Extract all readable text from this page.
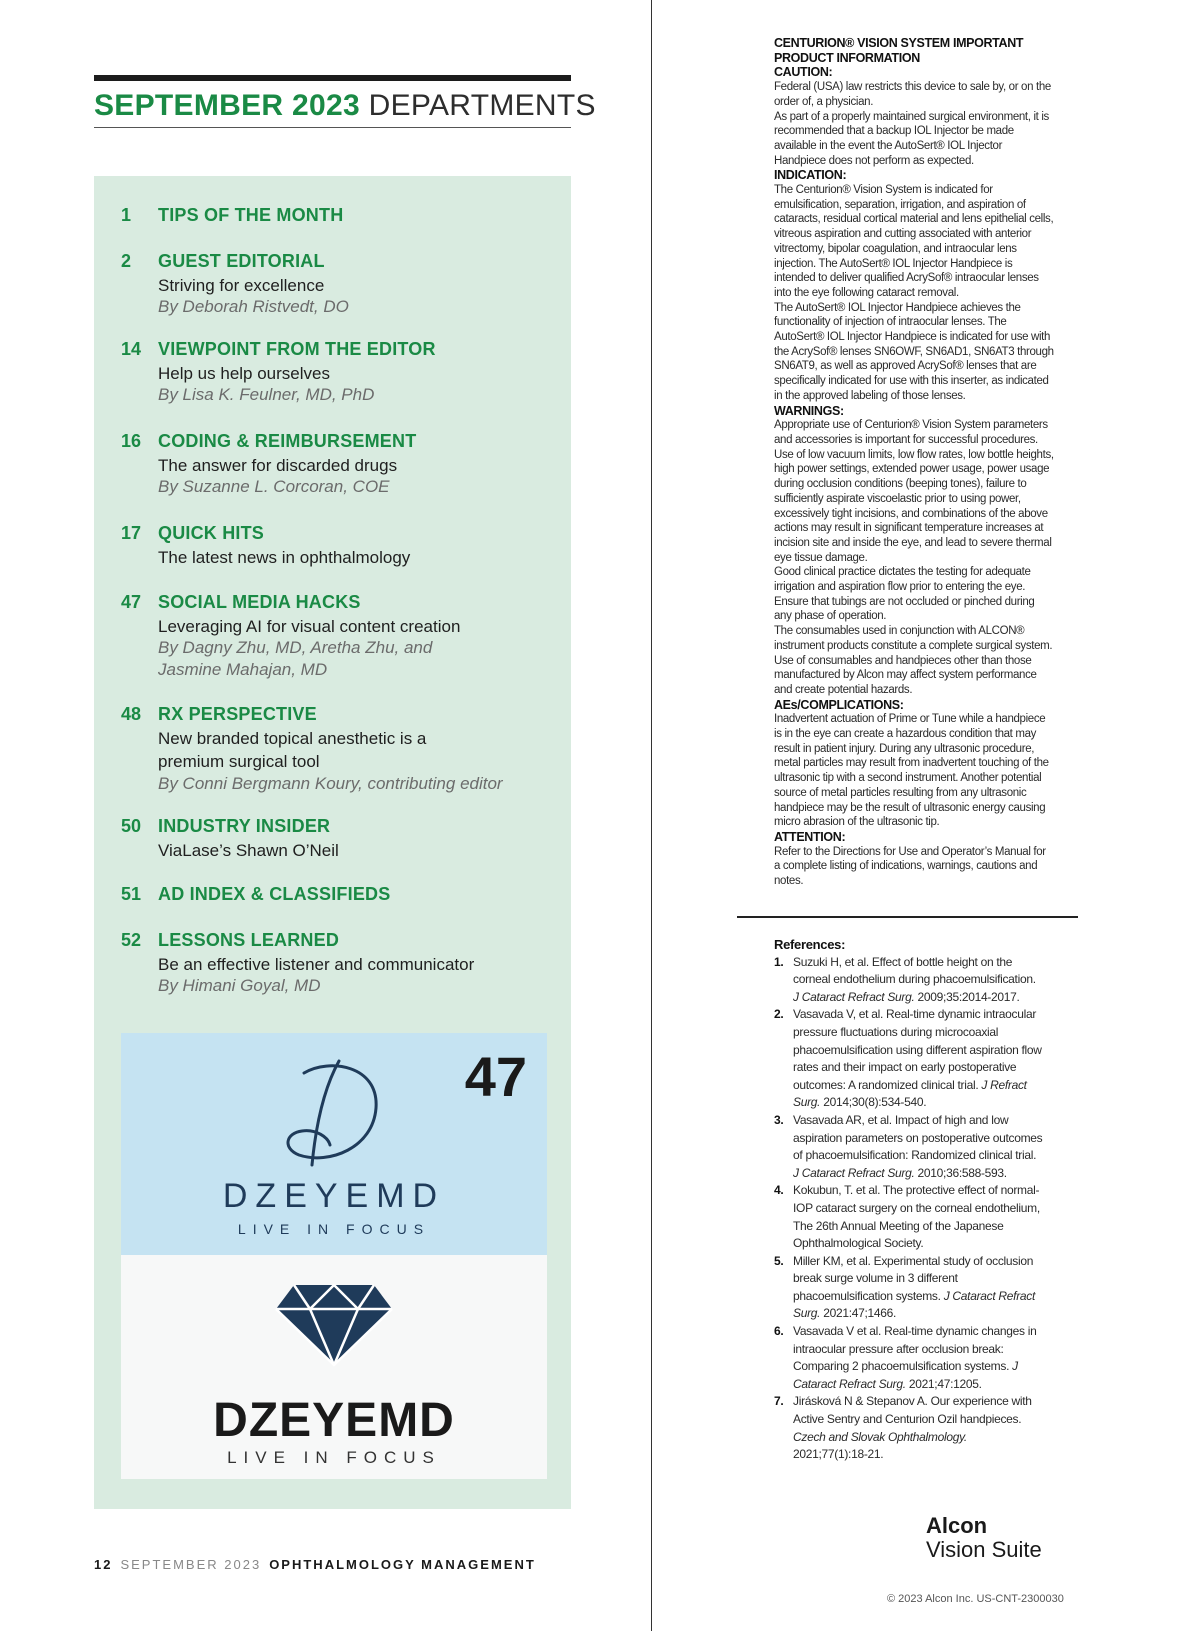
SEPTEMBER 2023 DEPARTMENTS
1 TIPS OF THE MONTH
2 GUEST EDITORIAL
Striving for excellence
By Deborah Ristvedt, DO
14 VIEWPOINT FROM THE EDITOR
Help us help ourselves
By Lisa K. Feulner, MD, PhD
16 CODING & REIMBURSEMENT
The answer for discarded drugs
By Suzanne L. Corcoran, COE
17 QUICK HITS
The latest news in ophthalmology
47 SOCIAL MEDIA HACKS
Leveraging AI for visual content creation
By Dagny Zhu, MD, Aretha Zhu, and
Jasmine Mahajan, MD
48 RX PERSPECTIVE
New branded topical anesthetic is a
premium surgical tool
By Conni Bergmann Koury, contributing editor
50 INDUSTRY INSIDER
ViaLase’s Shawn O’Neil
51 AD INDEX & CLASSIFIEDS
52 LESSONS LEARNED
Be an effective listener and communicator
By Himani Goyal, MD
47
DZEYEMD
LIVE IN FOCUS
DZEYEMD
LIVE IN FOCUS
12 SEPTEMBER 2023 OPHTHALMOLOGY MANAGEMENT
CENTURION® VISION SYSTEM IMPORTANT
PRODUCT INFORMATION
CAUTION:

Federal (USA) law restricts this device to sale by, or on the order of, a physician.

As part of a properly maintained surgical environment, it is recommended that a backup IOL Injector be made available in the event the AutoSert® IOL Injector Handpiece does not perform as expected.

INDICATION:

The Centurion® Vision System is indicated for emulsification, separation, irrigation, and aspiration of cataracts, residual cortical material and lens epithelial cells, vitreous aspiration and cutting associated with anterior vitrectomy, bipolar coagulation, and intraocular lens injection. The AutoSert® IOL Injector Handpiece is intended to deliver qualified AcrySof® intraocular lenses into the eye following cataract removal.

The AutoSert® IOL Injector Handpiece achieves the functionality of injection of intraocular lenses. The AutoSert® IOL Injector Handpiece is indicated for use with the AcrySof® lenses SN6OWF, SN6AD1, SN6AT3 through SN6AT9, as well as approved AcrySof® lenses that are specifically indicated for use with this inserter, as indicated in the approved labeling of those lenses.

WARNINGS:

Appropriate use of Centurion® Vision System parameters and accessories is important for successful procedures. Use of low vacuum limits, low flow rates, low bottle heights, high power settings, extended power usage, power usage during occlusion conditions (beeping tones), failure to sufficiently aspirate viscoelastic prior to using power, excessively tight incisions, and combinations of the above actions may result in significant temperature increases at incision site and inside the eye, and lead to severe thermal eye tissue damage.

Good clinical practice dictates the testing for adequate irrigation and aspiration flow prior to entering the eye. Ensure that tubings are not occluded or pinched during any phase of operation.

The consumables used in conjunction with ALCON® instrument products constitute a complete surgical system. Use of consumables and handpieces other than those manufactured by Alcon may affect system performance and create potential hazards.

AEs/COMPLICATIONS:

Inadvertent actuation of Prime or Tune while a handpiece is in the eye can create a hazardous condition that may result in patient injury. During any ultrasonic procedure, metal particles may result from inadvertent touching of the ultrasonic tip with a second instrument. Another potential source of metal particles resulting from any ultrasonic handpiece may be the result of ultrasonic energy causing micro abrasion of the ultrasonic tip.

ATTENTION:

Refer to the Directions for Use and Operator’s Manual for a complete listing of indications, warnings, cautions and notes.

References:
1. Suzuki H, et al. Effect of bottle height on the corneal endothelium during phacoemulsification. J Cataract Refract Surg. 2009;35:2014-2017.
2. Vasavada V, et al. Real-time dynamic intraocular pressure fluctuations during microcoaxial phacoemulsification using different aspiration flow rates and their impact on early postoperative outcomes: A randomized clinical trial. J Refract Surg. 2014;30(8):534-540.
3. Vasavada AR, et al. Impact of high and low aspiration parameters on postoperative outcomes of phacoemulsification: Randomized clinical trial. J Cataract Refract Surg. 2010;36:588-593.
4. Kokubun, T. et al. The protective effect of normal-IOP cataract surgery on the corneal endothelium, The 26th Annual Meeting of the Japanese Ophthalmological Society.
5. Miller KM, et al. Experimental study of occlusion break surge volume in 3 different phacoemulsification systems. J Cataract Refract Surg. 2021:47;1466.
6. Vasavada V et al. Real-time dynamic changes in intraocular pressure after occlusion break: Comparing 2 phacoemulsification systems. J Cataract Refract Surg. 2021;47:1205.
7. Jirásková N & Stepanov A. Our experience with Active Sentry and Centurion Ozil handpieces. Czech and Slovak Ophthalmology. 2021;77(1):18-21.
Alcon
Vision Suite
© 2023 Alcon Inc. US-CNT-2300030
